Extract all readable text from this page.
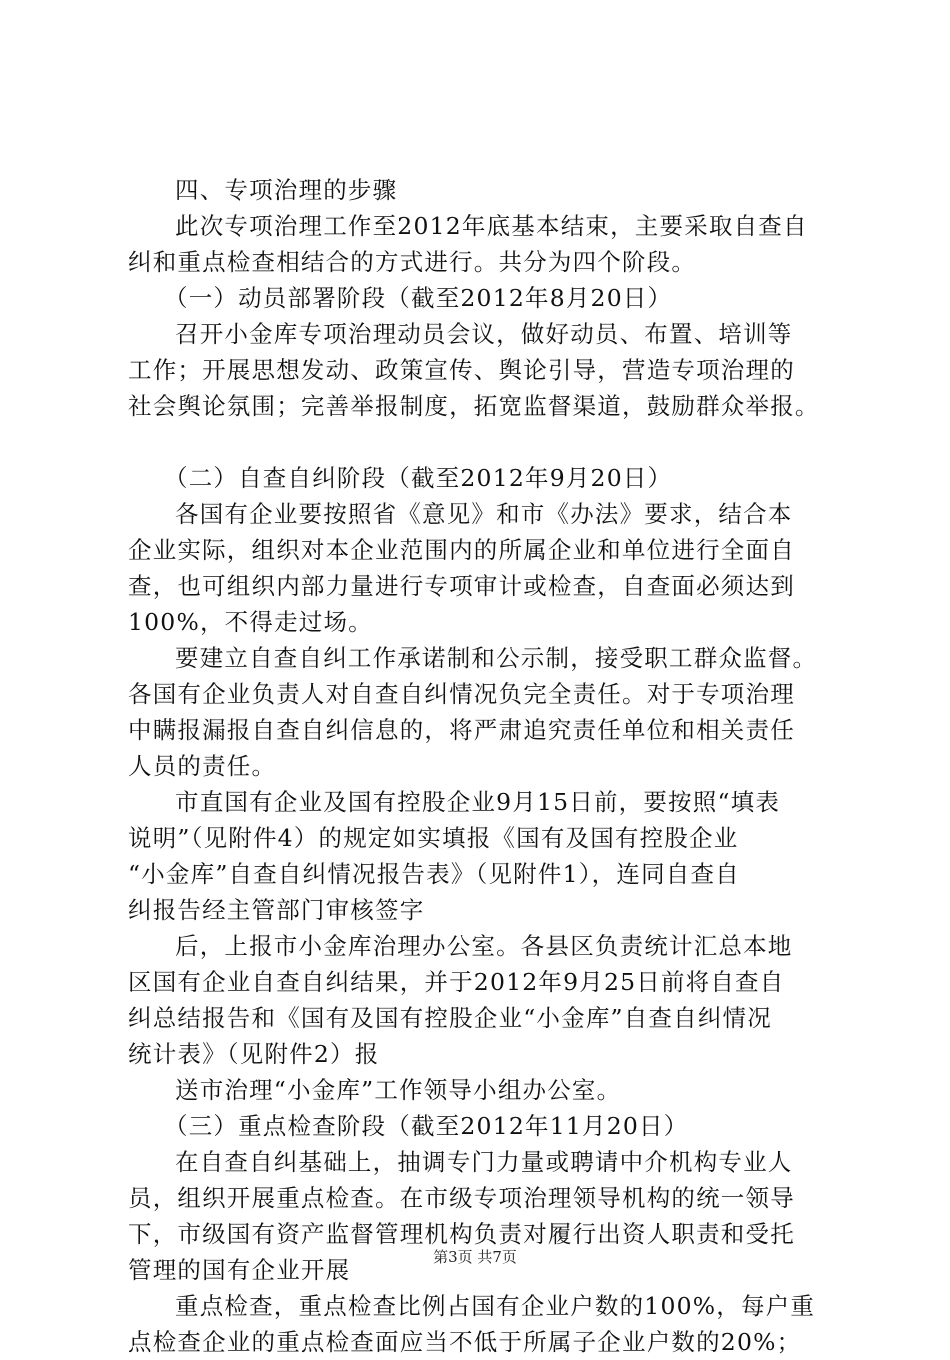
四、专项治理的步骤
此次专项治理工作至2012年底基本结束，主要采取自查自
纠和重点检查相结合的方式进行。共分为四个阶段。
（一）动员部署阶段（截至2012年8月20日）
召开小金库专项治理动员会议，做好动员、布置、培训等
工作；开展思想发动、政策宣传、舆论引导，营造专项治理的
社会舆论氛围；完善举报制度，拓宽监督渠道，鼓励群众举报。
（二）自查自纠阶段（截至2012年9月20日）
各国有企业要按照省《意见》和市《办法》要求，结合本
企业实际，组织对本企业范围内的所属企业和单位进行全面自
查，也可组织内部力量进行专项审计或检查，自查面必须达到
100%，不得走过场。
要建立自查自纠工作承诺制和公示制，接受职工群众监督。
各国有企业负责人对自查自纠情况负完全责任。对于专项治理
中瞒报漏报自查自纠信息的，将严肃追究责任单位和相关责任
人员的责任。
市直国有企业及国有控股企业9月15日前，要按照“填表
说明”（见附件4）的规定如实填报《国有及国有控股企业
“小金库”自查自纠情况报告表》（见附件1），连同自查自
纠报告经主管部门审核签字
后，上报市小金库治理办公室。各县区负责统计汇总本地
区国有企业自查自纠结果，并于2012年9月25日前将自查自
纠总结报告和《国有及国有控股企业“小金库”自查自纠情况
统计表》（见附件2）报
送市治理“小金库”工作领导小组办公室。
（三）重点检查阶段（截至2012年11月20日）
在自查自纠基础上，抽调专门力量或聘请中介机构专业人
员，组织开展重点检查。在市级专项治理领导机构的统一领导
下，市级国有资产监督管理机构负责对履行出资人职责和受托
管理的国有企业开展
重点检查，重点检查比例占国有企业户数的100%，每户重
点检查企业的重点检查面应当不低于所属子企业户数的20%；
第3页 共7页
